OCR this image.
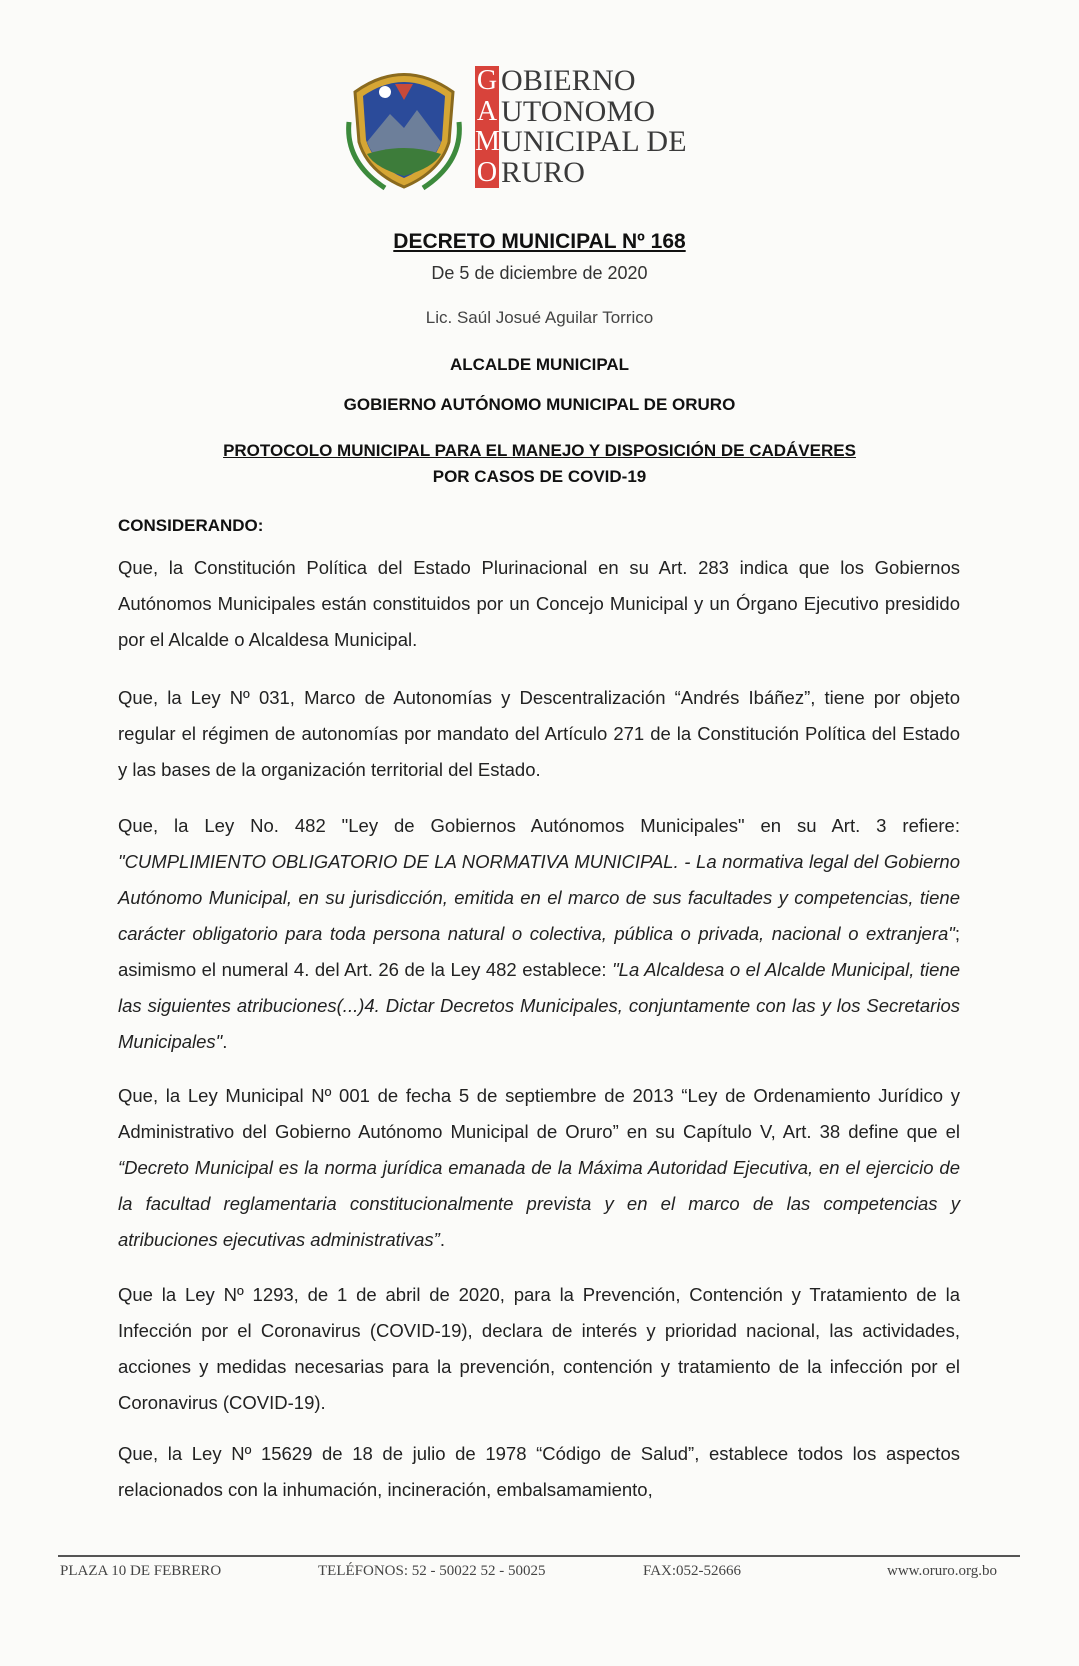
G
A
M
O
OBIERNO
UTONOMO
UNICIPAL DE
RURO
DECRETO MUNICIPAL Nº 168
De 5 de diciembre de 2020
Lic. Saúl Josué Aguilar Torrico
ALCALDE MUNICIPAL
GOBIERNO AUTÓNOMO MUNICIPAL DE ORURO
PROTOCOLO MUNICIPAL PARA EL MANEJO Y DISPOSICIÓN DE CADÁVERES
POR CASOS DE COVID-19
CONSIDERANDO:
Que, la Constitución Política del Estado Plurinacional en su Art. 283 indica que los Gobiernos Autónomos Municipales están constituidos por un Concejo Municipal y un Órgano Ejecutivo presidido por el Alcalde o Alcaldesa Municipal.
Que, la Ley Nº 031, Marco de Autonomías y Descentralización “Andrés Ibáñez”, tiene por objeto regular el régimen de autonomías por mandato del Artículo 271 de la Constitución Política del Estado y las bases de la organización territorial del Estado.
Que, la Ley No. 482 "Ley de Gobiernos Autónomos Municipales" en su Art. 3 refiere: "CUMPLIMIENTO OBLIGATORIO DE LA NORMATIVA MUNICIPAL. - La normativa legal del Gobierno Autónomo Municipal, en su jurisdicción, emitida en el marco de sus facultades y competencias, tiene carácter obligatorio para toda persona natural o colectiva, pública o privada, nacional o extranjera"; asimismo el numeral 4. del Art. 26 de la Ley 482 establece: "La Alcaldesa o el Alcalde Municipal, tiene las siguientes atribuciones(...)4. Dictar Decretos Municipales, conjuntamente con las y los Secretarios Municipales".
Que, la Ley Municipal Nº 001 de fecha 5 de septiembre de 2013 “Ley de Ordenamiento Jurídico y Administrativo del Gobierno Autónomo Municipal de Oruro” en su Capítulo V, Art. 38 define que el “Decreto Municipal es la norma jurídica emanada de la Máxima Autoridad Ejecutiva, en el ejercicio de la facultad reglamentaria constitucionalmente prevista y en el marco de las competencias y atribuciones ejecutivas administrativas”.
Que la Ley Nº 1293, de 1 de abril de 2020, para la Prevención, Contención y Tratamiento de la Infección por el Coronavirus (COVID-19), declara de interés y prioridad nacional, las actividades, acciones y medidas necesarias para la prevención, contención y tratamiento de la infección por el Coronavirus (COVID-19).
Que, la Ley Nº 15629 de 18 de julio de 1978 “Código de Salud”, establece todos los aspectos relacionados con la inhumación, incineración, embalsamamiento,
PLAZA 10 DE FEBRERO	TELÉFONOS: 52 - 50022 52 - 50025	FAX:052-52666	www.oruro.org.bo
